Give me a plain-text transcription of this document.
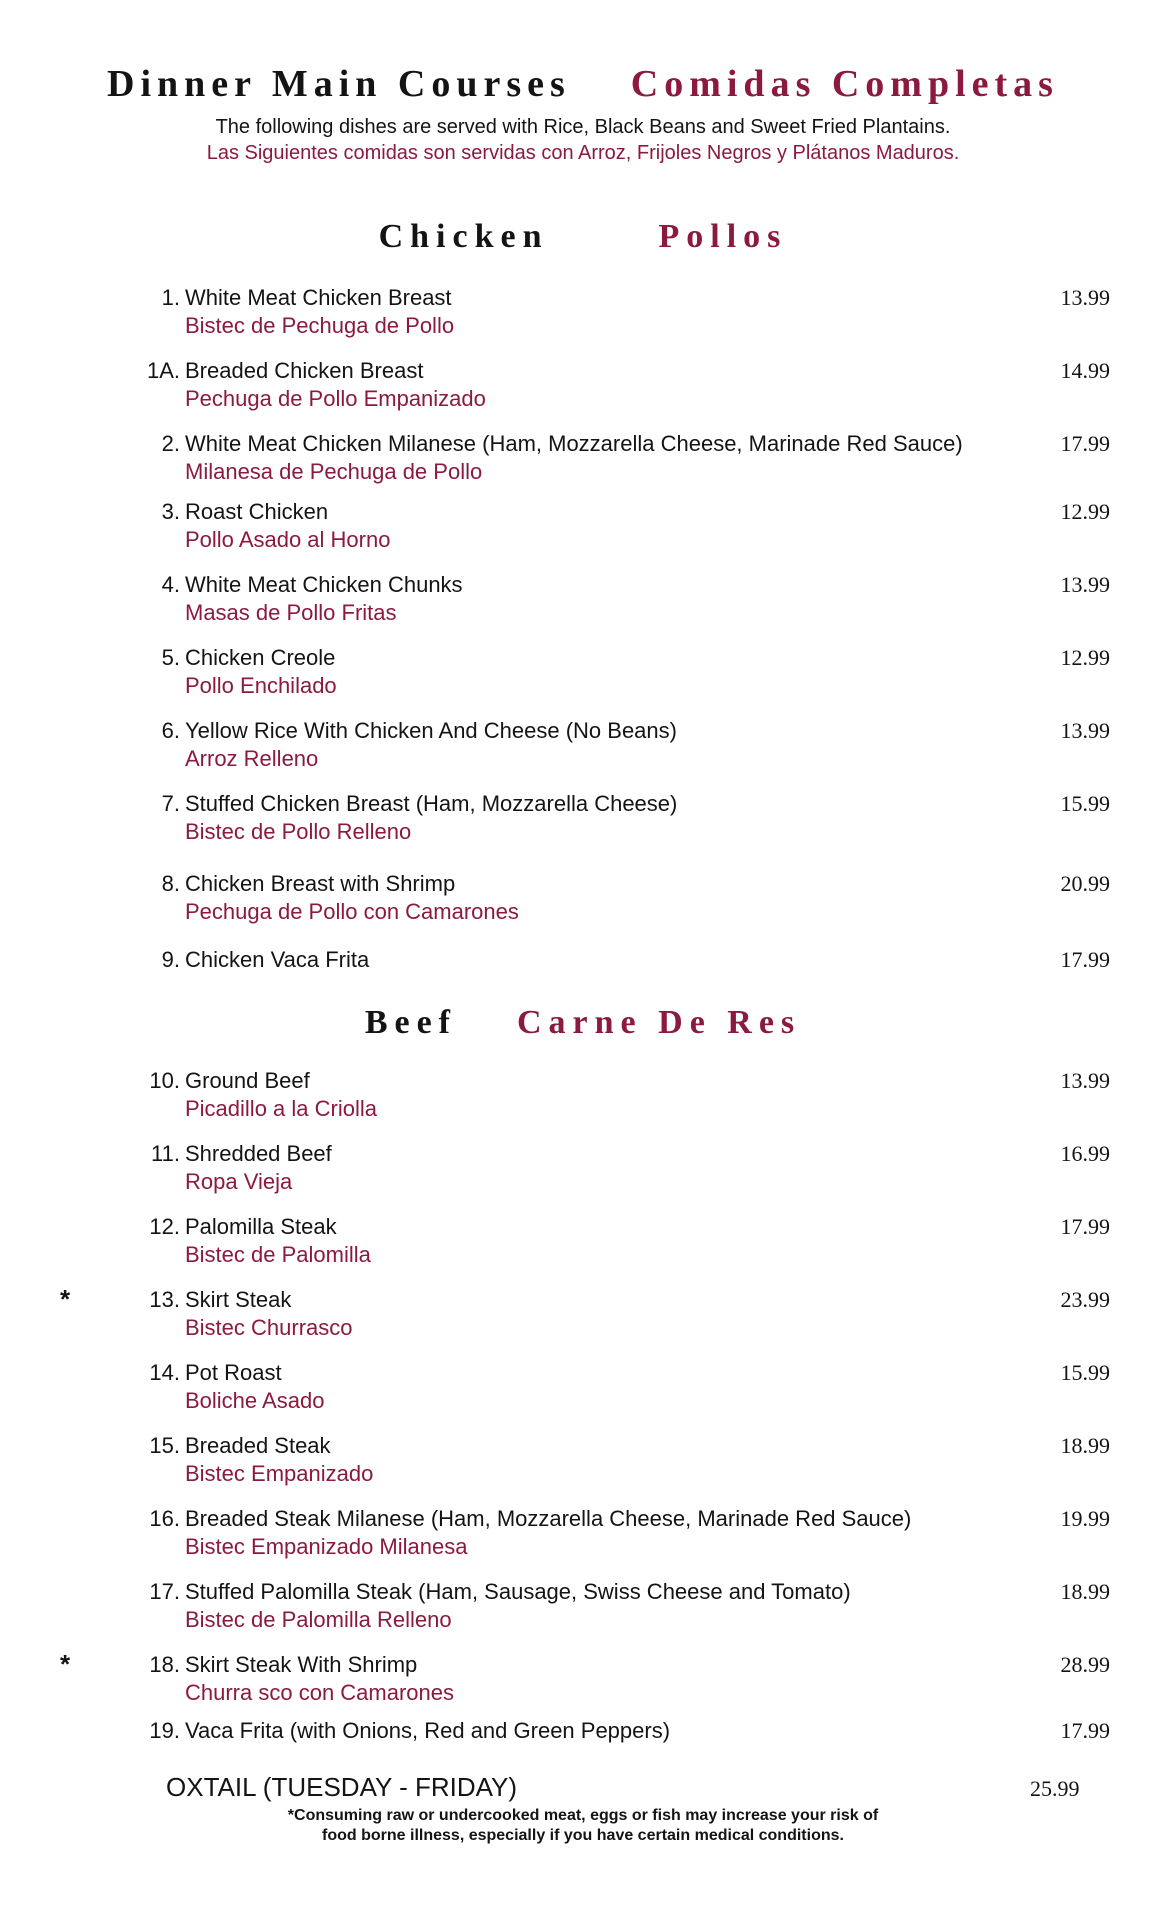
Dinner Main Courses Comidas Completas
The following dishes are served with Rice, Black Beans and Sweet Fried Plantains.
Las Siguientes comidas son servidas con Arroz, Frijoles Negros y Plátanos Maduros.
Chicken	Pollos
1. White Meat Chicken Breast
Bistec de Pechuga de Pollo
13.99
1A. Breaded Chicken Breast
Pechuga de Pollo Empanizado
14.99
2. White Meat Chicken Milanese (Ham, Mozzarella Cheese, Marinade Red Sauce)
Milanesa de Pechuga de Pollo
17.99
3. Roast Chicken
Pollo Asado al Horno
12.99
4. White Meat Chicken Chunks
Masas de Pollo Fritas
13.99
5. Chicken Creole
Pollo Enchilado
12.99
6. Yellow Rice With Chicken And Cheese (No Beans)
Arroz Relleno
13.99
7. Stuffed Chicken Breast (Ham, Mozzarella Cheese)
Bistec de Pollo Relleno
15.99
8. Chicken Breast with Shrimp
Pechuga de Pollo con Camarones
20.99
9. Chicken Vaca Frita	17.99
Beef Carne De Res
10. Ground Beef
Picadillo a la Criolla
13.99
11. Shredded Beef
Ropa Vieja
16.99
12. Palomilla Steak
Bistec de Palomilla
17.99
*	13. Skirt Steak
Bistec Churrasco
23.99
14. Pot Roast
Boliche Asado
15.99
15. Breaded Steak
Bistec Empanizado
18.99
16. Breaded Steak Milanese (Ham, Mozzarella Cheese, Marinade Red Sauce)
Bistec Empanizado Milanesa
19.99
17. Stuffed Palomilla Steak (Ham, Sausage, Swiss Cheese and Tomato)
Bistec de Palomilla Relleno
18.99
*	18. Skirt Steak With Shrimp
Churra sco con Camarones
28.99
19. Vaca Frita (with Onions, Red and Green Peppers)	17.99
OXTAIL (TUESDAY - FRIDAY)	25.99
*Consuming raw or undercooked meat, eggs or fish may increase your risk of
food borne illness, especially if you have certain medical conditions.
